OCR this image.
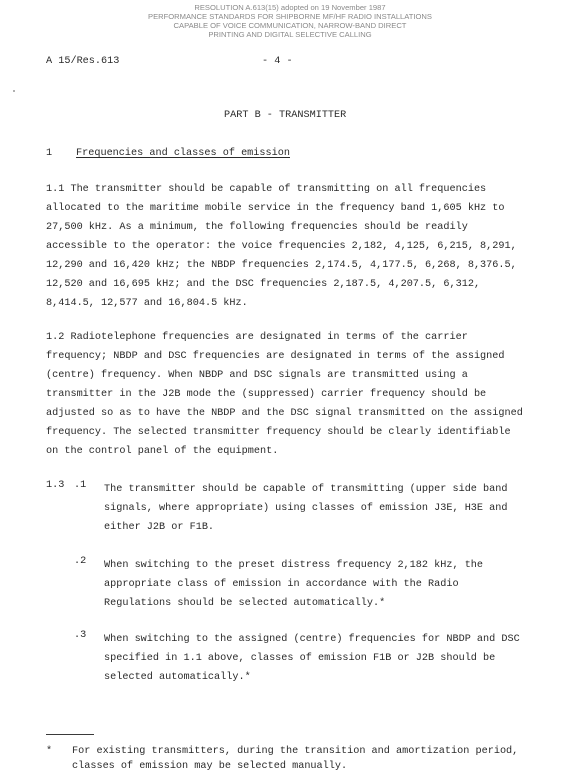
RESOLUTION A.613(15) adopted on 19 November 1987
PERFORMANCE STANDARDS FOR SHIPBORNE MF/HF RADIO INSTALLATIONS
CAPABLE OF VOICE COMMUNICATION, NARROW-BAND DIRECT
PRINTING AND DIGITAL SELECTIVE CALLING
A 15/Res.613	- 4 -
PART B - TRANSMITTER
1 Frequencies and classes of emission

1.1 The transmitter should be capable of transmitting on all frequencies

allocated to the maritime mobile service in the frequency band 1,605 kHz to

27,500 kHz. As a minimum, the following frequencies should be readily

accessible to the operator: the voice frequencies 2,182, 4,125, 6,215, 8,291,

12,290 and 16,420 kHz; the NBDP frequencies 2,174.5, 4,177.5, 6,268, 8,376.5,

12,520 and 16,695 kHz; and the DSC frequencies 2,187.5, 4,207.5, 6,312,

8,414.5, 12,577 and 16,804.5 kHz.

1.2 Radiotelephone frequencies are designated in terms of the carrier

frequency; NBDP and DSC frequencies are designated in terms of the assigned

(centre) frequency. When NBDP and DSC signals are transmitted using a

transmitter in the J2B mode the (suppressed) carrier frequency should be

adjusted so as to have the NBDP and the DSC signal transmitted on the assigned

frequency. The selected transmitter frequency should be clearly identifiable

on the control panel of the equipment.

1.3 .1 The transmitter should be capable of transmitting (upper side band

signals, where appropriate) using classes of emission J3E, H3E and

either J2B or F1B.

.2 When switching to the preset distress frequency 2,182 kHz, the

appropriate class of emission in accordance with the Radio

Regulations should be selected automatically.*

.3 When switching to the assigned (centre) frequencies for NBDP and DSC

specified in 1.1 above, classes of emission F1B or J2B should be

selected automatically.*

* For existing transmitters, during the transition and amortization period,
classes of emission may be selected manually.
